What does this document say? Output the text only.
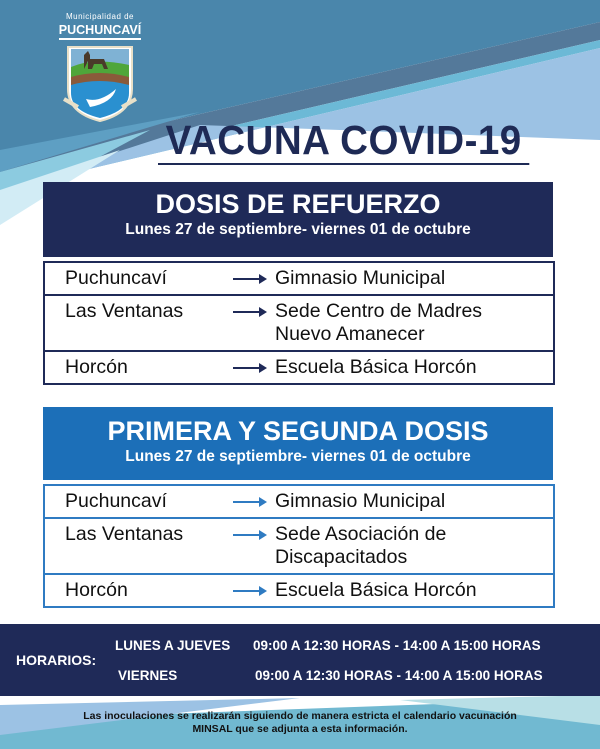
Municipalidad de
PUCHUNCAVÍ
VACUNA COVID-19
DOSIS DE REFUERZO
Lunes 27 de septiembre- viernes 01 de octubre
Puchuncaví	Gimnasio Municipal
Las Ventanas	Sede Centro de Madres
Nuevo Amanecer
Horcón	Escuela Básica Horcón
PRIMERA Y SEGUNDA DOSIS
Lunes 27 de septiembre- viernes 01 de octubre
Puchuncaví	Gimnasio Municipal
Las Ventanas	Sede Asociación de
Discapacitados
Horcón	Escuela Básica Horcón
HORARIOS:
LUNES A JUEVES 09:00 A 12:30 HORAS - 14:00 A 15:00 HORAS
VIERNES	09:00 A 12:30 HORAS - 14:00 A 15:00 HORAS
Las inoculaciones se realizarán siguiendo de manera estricta el calendario vacunación
MINSAL que se adjunta a esta información.
